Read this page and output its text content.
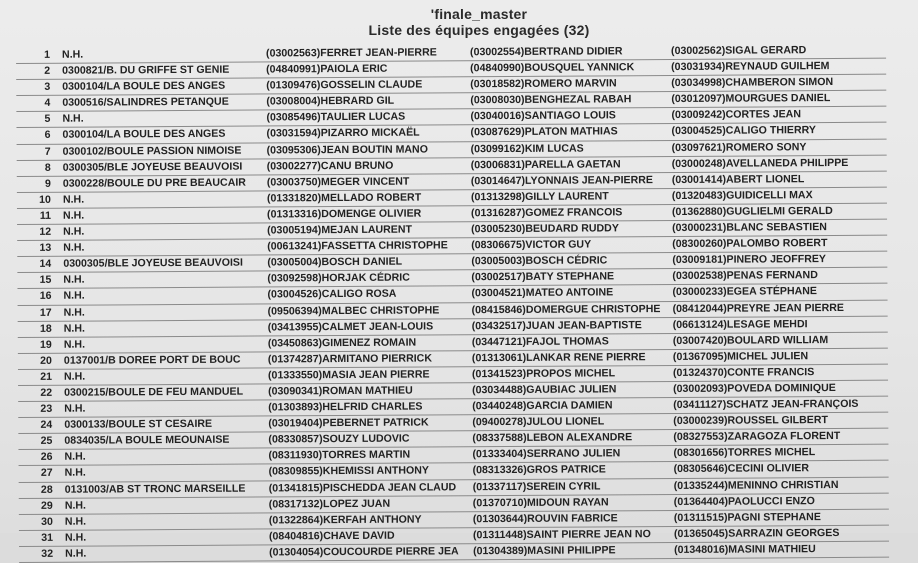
'finale_master
Liste des équipes engagées (32)
1 N.H.	(03002563)FERRET JEAN-PIERRE	(03002554)BERTRAND DIDIER	(03002562)SIGAL GERARD
2 0300821/B. DU GRIFFE ST GENIE	(04840991)PAIOLA ERIC	(04840990)BOUSQUEL YANNICK	(03031934)REYNAUD GUILHEM
3 0300104/LA BOULE DES ANGES	(01309476)GOSSELIN CLAUDE	(03018582)ROMERO MARVIN	(03034998)CHAMBERON SIMON
4 0300516/SALINDRES PETANQUE	(03008004)HEBRARD GIL	(03008030)BENGHEZAL RABAH	(03012097)MOURGUES DANIEL
5 N.H.	(03085496)TAULIER LUCAS	(03040016)SANTIAGO LOUIS	(03009242)CORTES JEAN
6 0300104/LA BOULE DES ANGES	(03031594)PIZARRO MICKAËL	(03087629)PLATON MATHIAS	(03004525)CALIGO THIERRY
7 0300102/BOULE PASSION NIMOISE	(03095306)JEAN BOUTIN MANO	(03099162)KIM LUCAS	(03097621)ROMERO SONY
8 0300305/BLE JOYEUSE BEAUVOISI	(03002277)CANU BRUNO	(03006831)PARELLA GAETAN	(03000248)AVELLANEDA PHILIPPE
9 0300228/BOULE DU PRE BEAUCAIR	(03003750)MEGER VINCENT	(03014647)LYONNAIS JEAN-PIERRE	(03001414)ABERT LIONEL
10 N.H.	(01331820)MELLADO ROBERT	(01313298)GILLY LAURENT	(01320483)GUIDICELLI MAX
11 N.H.	(01313316)DOMENGE OLIVIER	(01316287)GOMEZ FRANCOIS	(01362880)GUGLIELMI GERALD
12 N.H.	(03005194)MEJAN LAURENT	(03005230)BEUDARD RUDDY	(03000231)BLANC SEBASTIEN
13 N.H.	(00613241)FASSETTA CHRISTOPHE	(08306675)VICTOR GUY	(08300260)PALOMBO ROBERT
14 0300305/BLE JOYEUSE BEAUVOISI	(03005004)BOSCH DANIEL	(03005003)BOSCH CÉDRIC	(03009181)PINERO JEOFFREY
15 N.H.	(03092598)HORJAK CÉDRIC	(03002517)BATY STEPHANE	(03002538)PENAS FERNAND
16 N.H.	(03004526)CALIGO ROSA	(03004521)MATEO ANTOINE	(03000233)EGEA STÉPHANE
17 N.H.	(09506394)MALBEC CHRISTOPHE	(08415846)DOMERGUE CHRISTOPHE	(08412044)PREYRE JEAN PIERRE
18 N.H.	(03413955)CALMET JEAN-LOUIS	(03432517)JUAN JEAN-BAPTISTE	(06613124)LESAGE MEHDI
19 N.H.	(03450863)GIMENEZ ROMAIN	(03447121)FAJOL THOMAS	(03007420)BOULARD WILLIAM
20 0137001/B DOREE PORT DE BOUC	(01374287)ARMITANO PIERRICK	(01313061)LANKAR RENE PIERRE	(01367095)MICHEL JULIEN
21 N.H.	(01333550)MASIA JEAN PIERRE	(01341523)PROPOS MICHEL	(01324370)CONTE FRANCIS
22 0300215/BOULE DE FEU MANDUEL	(03090341)ROMAN MATHIEU	(03034488)GAUBIAC JULIEN	(03002093)POVEDA DOMINIQUE
23 N.H.	(01303893)HELFRID CHARLES	(03440248)GARCIA DAMIEN	(03411127)SCHATZ JEAN-FRANÇOIS
24 0300133/BOULE ST CESAIRE	(03019404)PEBERNET PATRICK	(09400278)JULOU LIONEL	(03000239)ROUSSEL GILBERT
25 0834035/LA BOULE MEOUNAISE	(08330857)SOUZY LUDOVIC	(08337588)LEBON ALEXANDRE	(08327553)ZARAGOZA FLORENT
26 N.H.	(08311930)TORRES MARTIN	(01333404)SERRANO JULIEN	(08301656)TORRES MICHEL
27 N.H.	(08309855)KHEMISSI ANTHONY	(08313326)GROS PATRICE	(08305646)CECINI OLIVIER
28 0131003/AB ST TRONC MARSEILLE	(01341815)PISCHEDDA JEAN CLAUD	(01337117)SEREIN CYRIL	(01335244)MENINNO CHRISTIAN
29 N.H.	(08317132)LOPEZ JUAN	(01370710)MIDOUN RAYAN	(01364404)PAOLUCCI ENZO
30 N.H.	(01322864)KERFAH ANTHONY	(01303644)ROUVIN FABRICE	(01311515)PAGNI STEPHANE
31 N.H.	(08404816)CHAVE DAVID	(01311448)SAINT PIERRE JEAN NO	(01365045)SARRAZIN GEORGES
32 N.H.	(01304054)COUCOURDE PIERRE JEA	(01304389)MASINI PHILIPPE	(01348016)MASINI MATHIEU
